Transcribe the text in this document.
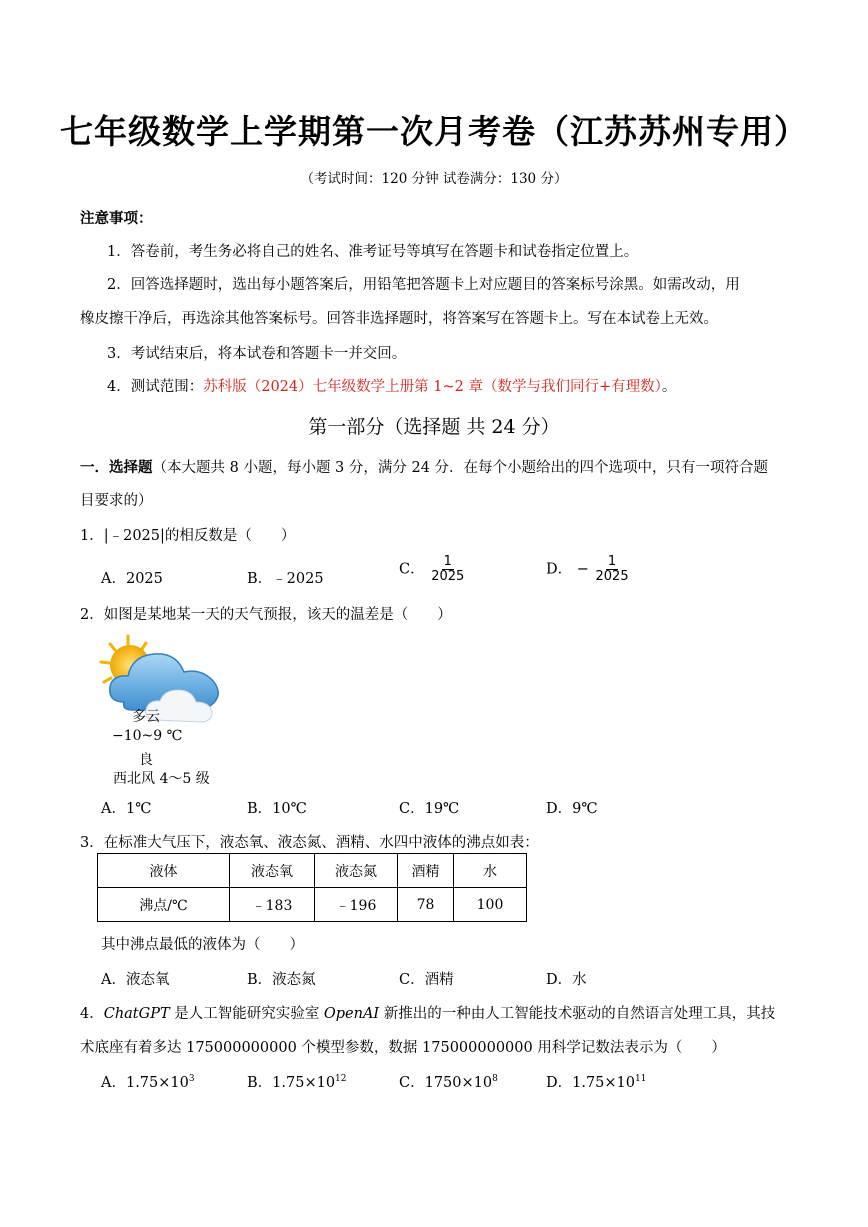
七年级数学上学期第一次月考卷（江苏苏州专用）
（考试时间：120 分钟 试卷满分：130 分）
注意事项：
1．答卷前，考生务必将自己的姓名、准考证号等填写在答题卡和试卷指定位置上。
2．回答选择题时，选出每小题答案后，用铅笔把答题卡上对应题目的答案标号涂黑。如需改动，用
橡皮擦干净后，再选涂其他答案标号。回答非选择题时，将答案写在答题卡上。写在本试卷上无效。
3．考试结束后，将本试卷和答题卡一并交回。
4．测试范围：苏科版（2024）七年级数学上册第 1~2 章（数学与我们同行+有理数）。
第一部分（选择题 共 24 分）
一．选择题（本大题共 8 小题，每小题 3 分，满分 24 分．在每个小题给出的四个选项中，只有一项符合题
目要求的）
1．|﹣2025|的相反数是（　　）
A．2025	B．﹣2025
C． $\frac{1}{2025}$	D． − $\frac{1}{2025}$
2．如图是某地某一天的天气预报，该天的温差是（　　）
多云
−10~9 ℃
良
西北风 4～5 级
A．1℃	B．10℃	C．19℃	D．9℃
3．在标准大气压下，液态氧、液态氮、酒精、水四中液体的沸点如表：
液体	液态氧	液态氮	酒精	水
沸点/℃	﹣183	﹣196	78	100
其中沸点最低的液体为（　　）
A．液态氧	B．液态氮	C．酒精	D．水
4．ChatGPT 是人工智能研究实验室 OpenAI 新推出的一种由人工智能技术驱动的自然语言处理工具，其技
术底座有着多达 175000000000 个模型参数，数据 175000000000 用科学记数法表示为（　　）
A．$1.75\times 10^3$	B．$1.75\times 10^{12}$	C．$1750\times 10^8$	D．$1.75\times 10^{11}$
